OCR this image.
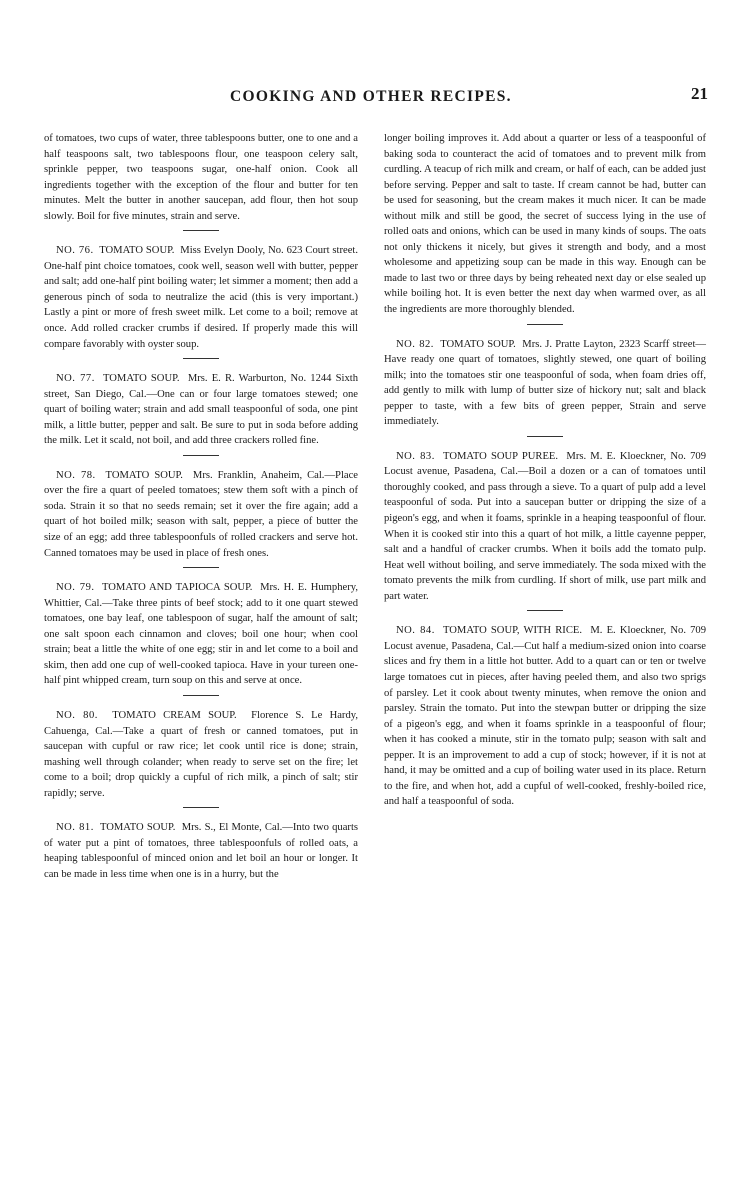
COOKING AND OTHER RECIPES.	21

of tomatoes, two cups of water, three tablespoons butter, one to one and a half teaspoons salt, two tablespoons flour, one teaspoon celery salt, sprinkle pepper, two teaspoons sugar, one-half onion. Cook all ingredients together with the exception of the flour and butter for ten minutes. Melt the butter in another saucepan, add flour, then hot soup slowly. Boil for five minutes, strain and serve.

NO. 76. TOMATO SOUP. Miss Evelyn Dooly, No. 623 Court street. One-half pint choice tomatoes, cook well, season well with butter, pepper and salt; add one-half pint boiling water; let simmer a moment; then add a generous pinch of soda to neutralize the acid (this is very important.) Lastly a pint or more of fresh sweet milk. Let come to a boil; remove at once. Add rolled cracker crumbs if desired. If properly made this will compare favorably with oyster soup.

NO. 77. TOMATO SOUP. Mrs. E. R. Warburton, No. 1244 Sixth street, San Diego, Cal.—One can or four large tomatoes stewed; one quart of boiling water; strain and add small teaspoonful of soda, one pint milk, a little butter, pepper and salt. Be sure to put in soda before adding the milk. Let it scald, not boil, and add three crackers rolled fine.

NO. 78. TOMATO SOUP. Mrs. Franklin, Anaheim, Cal.—Place over the fire a quart of peeled tomatoes; stew them soft with a pinch of soda. Strain it so that no seeds remain; set it over the fire again; add a quart of hot boiled milk; season with salt, pepper, a piece of butter the size of an egg; add three tablespoonfuls of rolled crackers and serve hot. Canned tomatoes may be used in place of fresh ones.

NO. 79. TOMATO AND TAPIOCA SOUP. Mrs. H. E. Humphery, Whittier, Cal.—Take three pints of beef stock; add to it one quart stewed tomatoes, one bay leaf, one tablespoon of sugar, half the amount of salt; one salt spoon each cinnamon and cloves; boil one hour; when cool strain; beat a little the white of one egg; stir in and let come to a boil and skim, then add one cup of well-cooked tapioca. Have in your tureen one-half pint whipped cream, turn soup on this and serve at once.

NO. 80. TOMATO CREAM SOUP. Florence S. Le Hardy, Cahuenga, Cal.—Take a quart of fresh or canned tomatoes, put in saucepan with cupful or raw rice; let cook until rice is done; strain, mashing well through colander; when ready to serve set on the fire; let come to a boil; drop quickly a cupful of rich milk, a pinch of salt; stir rapidly; serve.

NO. 81. TOMATO SOUP. Mrs. S., El Monte, Cal.—Into two quarts of water put a pint of tomatoes, three tablespoonfuls of rolled oats, a heaping tablespoonful of minced onion and let boil an hour or longer. It can be made in less time when one is in a hurry, but the

longer boiling improves it. Add about a quarter or less of a teaspoonful of baking soda to counteract the acid of tomatoes and to prevent milk from curdling. A teacup of rich milk and cream, or half of each, can be added just before serving. Pepper and salt to taste. If cream cannot be had, butter can be used for seasoning, but the cream makes it much nicer. It can be made without milk and still be good, the secret of success lying in the use of rolled oats and onions, which can be used in many kinds of soups. The oats not only thickens it nicely, but gives it strength and body, and a most wholesome and appetizing soup can be made in this way. Enough can be made to last two or three days by being reheated next day or else sealed up while boiling hot. It is even better the next day when warmed over, as all the ingredients are more thoroughly blended.

NO. 82. TOMATO SOUP. Mrs. J. Pratte Layton, 2323 Scarff street—Have ready one quart of tomatoes, slightly stewed, one quart of boiling milk; into the tomatoes stir one teaspoonful of soda, when foam dries off, add gently to milk with lump of butter size of hickory nut; salt and black pepper to taste, with a few bits of green pepper, Strain and serve immediately.

NO. 83. TOMATO SOUP PUREE. Mrs. M. E. Kloeckner, No. 709 Locust avenue, Pasadena, Cal.—Boil a dozen or a can of tomatoes until thoroughly cooked, and pass through a sieve. To a quart of pulp add a level teaspoonful of soda. Put into a saucepan butter or dripping the size of a pigeon's egg, and when it foams, sprinkle in a heaping teaspoonful of flour. When it is cooked stir into this a quart of hot milk, a little cayenne pepper, salt and a handful of cracker crumbs. When it boils add the tomato pulp. Heat well without boiling, and serve immediately. The soda mixed with the tomato prevents the milk from curdling. If short of milk, use part milk and part water.

NO. 84. TOMATO SOUP, WITH RICE. M. E. Kloeckner, No. 709 Locust avenue, Pasadena, Cal.—Cut half a medium-sized onion into coarse slices and fry them in a little hot butter. Add to a quart can or ten or twelve large tomatoes cut in pieces, after having peeled them, and also two sprigs of parsley. Let it cook about twenty minutes, when remove the onion and parsley. Strain the tomato. Put into the stewpan butter or dripping the size of a pigeon's egg, and when it foams sprinkle in a teaspoonful of flour; when it has cooked a minute, stir in the tomato pulp; season with salt and pepper. It is an improvement to add a cup of stock; however, if it is not at hand, it may be omitted and a cup of boiling water used in its place. Return to the fire, and when hot, add a cupful of well-cooked, freshly-boiled rice, and half a teaspoonful of soda.
